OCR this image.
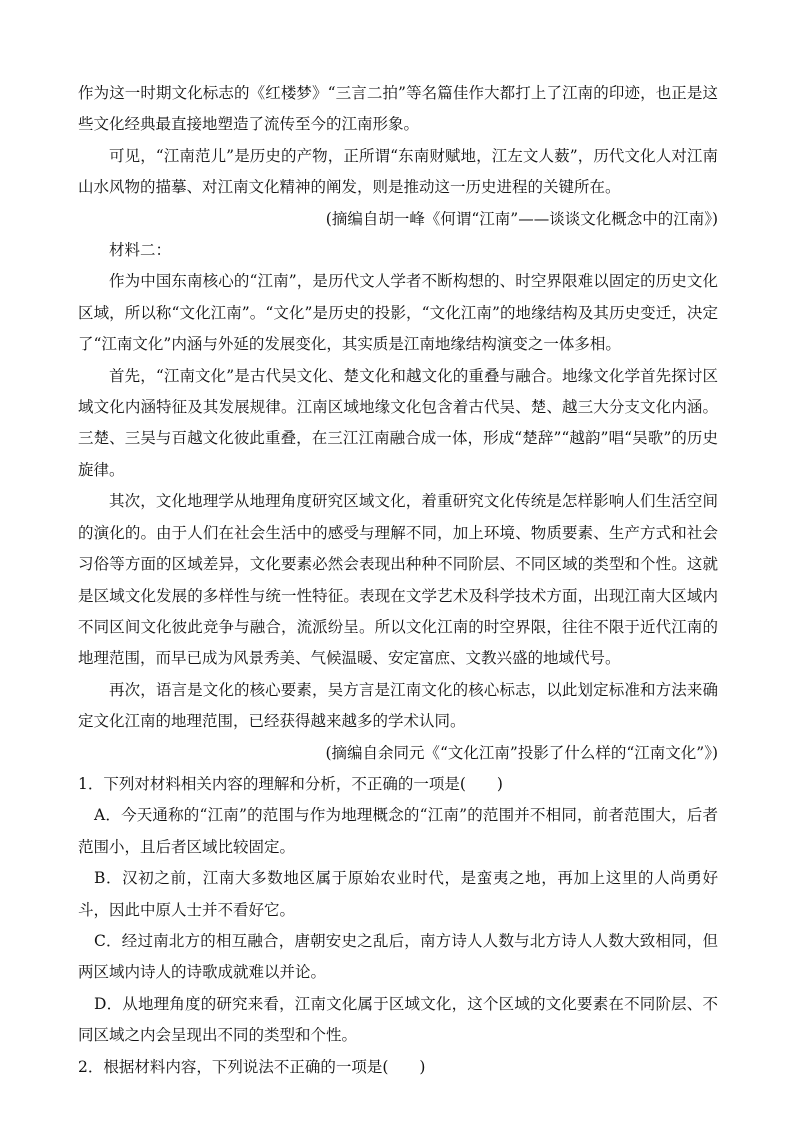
作为这一时期文化标志的《红楼梦》“三言二拍”等名篇佳作大都打上了江南的印迹，也正是这些文化经典最直接地塑造了流传至今的江南形象。

可见，“江南范儿”是历史的产物，正所谓“东南财赋地，江左文人薮”，历代文化人对江南山水风物的描摹、对江南文化精神的阐发，则是推动这一历史进程的关键所在。

(摘编自胡一峰《何谓“江南”——谈谈文化概念中的江南》)

材料二：

作为中国东南核心的“江南”，是历代文人学者不断构想的、时空界限难以固定的历史文化区域，所以称“文化江南”。“文化”是历史的投影，“文化江南”的地缘结构及其历史变迁，决定了“江南文化”内涵与外延的发展变化，其实质是江南地缘结构演变之一体多相。

首先，“江南文化”是古代吴文化、楚文化和越文化的重叠与融合。地缘文化学首先探讨区域文化内涵特征及其发展规律。江南区域地缘文化包含着古代吴、楚、越三大分支文化内涵。三楚、三吴与百越文化彼此重叠，在三江江南融合成一体，形成“楚辞”“越韵”唱“吴歌”的历史旋律。

其次，文化地理学从地理角度研究区域文化，着重研究文化传统是怎样影响人们生活空间的演化的。由于人们在社会生活中的感受与理解不同，加上环境、物质要素、生产方式和社会习俗等方面的区域差异，文化要素必然会表现出种种不同阶层、不同区域的类型和个性。这就是区域文化发展的多样性与统一性特征。表现在文学艺术及科学技术方面，出现江南大区域内不同区间文化彼此竞争与融合，流派纷呈。所以文化江南的时空界限，往往不限于近代江南的地理范围，而早已成为风景秀美、气候温暖、安定富庶、文教兴盛的地域代号。

再次，语言是文化的核心要素，吴方言是江南文化的核心标志，以此划定标准和方法来确定文化江南的地理范围，已经获得越来越多的学术认同。

(摘编自余同元《“文化江南”投影了什么样的“江南文化”》)

1．下列对材料相关内容的理解和分析，不正确的一项是(　　)

A．今天通称的“江南”的范围与作为地理概念的“江南”的范围并不相同，前者范围大，后者范围小，且后者区域比较固定。

B．汉初之前，江南大多数地区属于原始农业时代，是蛮夷之地，再加上这里的人尚勇好斗，因此中原人士并不看好它。

C．经过南北方的相互融合，唐朝安史之乱后，南方诗人人数与北方诗人人数大致相同，但两区域内诗人的诗歌成就难以并论。

D．从地理角度的研究来看，江南文化属于区域文化，这个区域的文化要素在不同阶层、不同区域之内会呈现出不同的类型和个性。

2．根据材料内容，下列说法不正确的一项是(　　)
